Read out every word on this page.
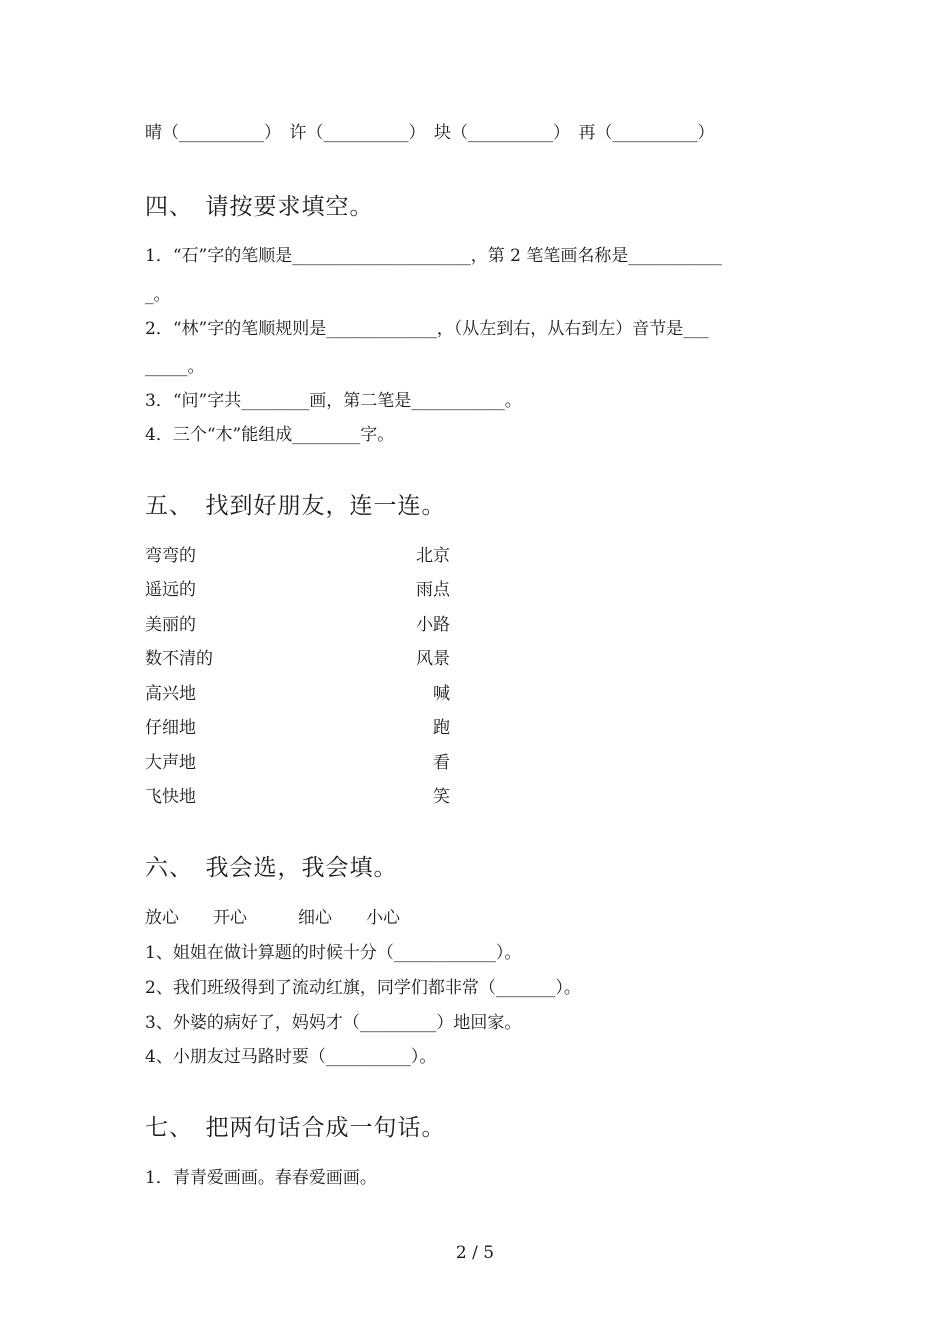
晴（__________）　许（__________）　块（__________）　再（__________）
四、　请按要求填空。
1．“石”字的笔顺是_____________________，第 2 笔笔画名称是___________
_。
2．“林”字的笔顺规则是_____________，（从左到右，从右到左）音节是___
_____。
3．“问”字共________画，第二笔是___________。
4．三个“木”能组成________字。
五、　找到好朋友，连一连。
弯弯的
遥远的
美丽的
数不清的
高兴地
仔细地
大声地
飞快地
北京
雨点
小路
风景
喊
跑
看
笑
六、　我会选，我会填。
放心　　开心　　　细心　　小心
1、姐姐在做计算题的时候十分（____________）。
2、我们班级得到了流动红旗，同学们都非常（_______）。
3、外婆的病好了，妈妈才（_________）地回家。
4、小朋友过马路时要（__________）。
七、　把两句话合成一句话。
1．青青爱画画。春春爱画画。
2 / 5
